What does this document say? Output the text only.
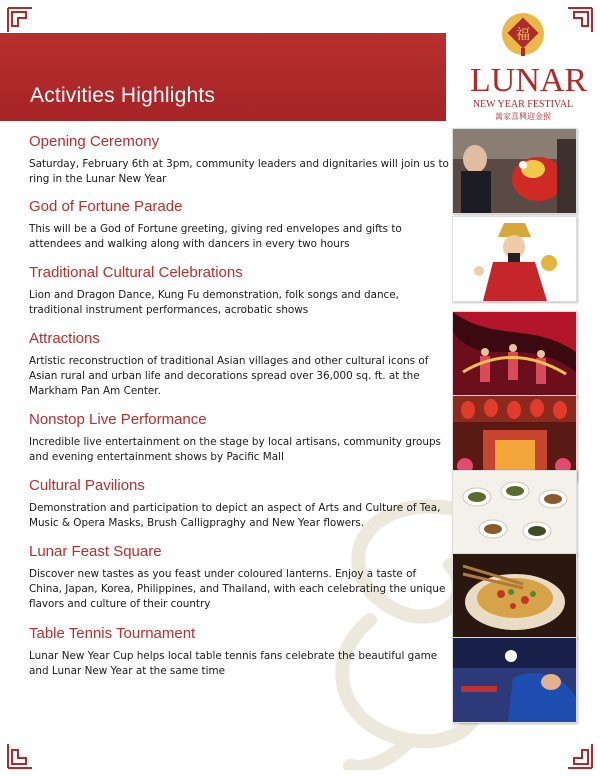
Activities Highlights
福
LUNAR
NEW YEAR FESTIVAL
萬家喜興迎金猴
Opening Ceremony

Saturday, February 6th at 3pm, community leaders and dignitaries will join us to ring in the Lunar New Year

God of Fortune Parade

This will be a God of Fortune greeting, giving red envelopes and gifts to attendees and walking along with dancers in every two hours

Traditional Cultural Celebrations

Lion and Dragon Dance, Kung Fu demonstration, folk songs and dance, traditional instrument performances, acrobatic shows

Attractions

Artistic reconstruction of traditional Asian villages and other cultural icons of Asian rural and urban life and decorations spread over 36,000 sq. ft. at the Markham Pan Am Center.

Nonstop Live Performance

Incredible live entertainment on the stage by local artisans, community groups and evening entertainment shows by Pacific Mall

Cultural Pavilions

Demonstration and participation to depict an aspect of Arts and Culture of Tea, Music & Opera Masks, Brush Calligpraghy and New Year flowers.

Lunar Feast Square

Discover new tastes as you feast under coloured lanterns. Enjoy a taste of China, Japan, Korea, Philippines, and Thailand, with each celebrating the unique flavors and culture of their country

Table Tennis Tournament

Lunar New Year Cup helps local table tennis fans celebrate the beautiful game and Lunar New Year at the same time
